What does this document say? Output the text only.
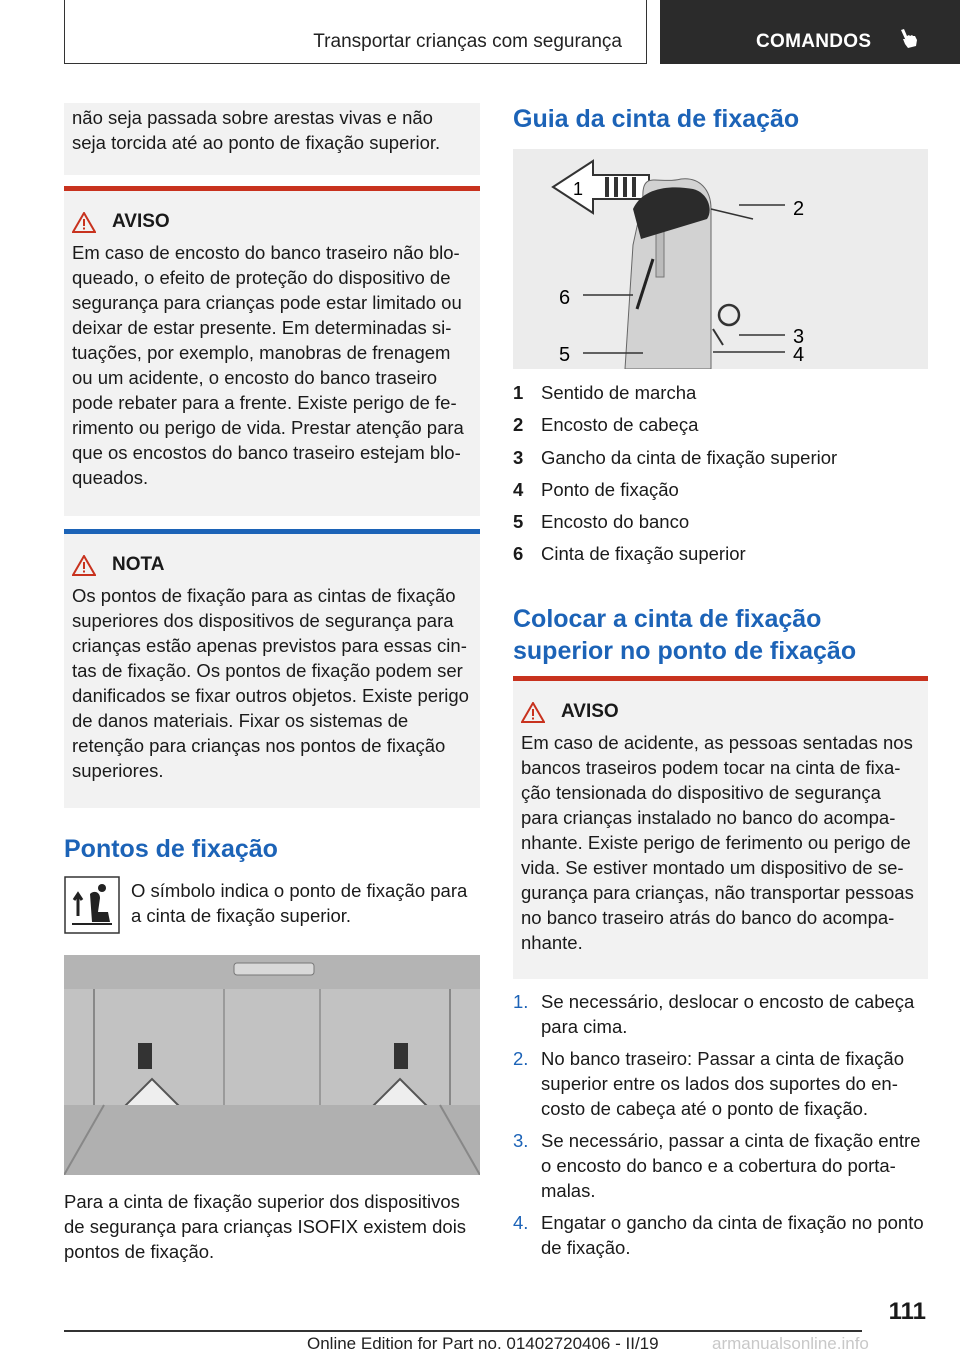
Transportar crianças com segurança	COMANDOS
não seja passada sobre arestas vivas e não seja torcida até ao ponto de fixação superior.
AVISO
Em caso de encosto do banco traseiro não bloqueado, o efeito de proteção do dispositivo de segurança para crianças pode estar limitado ou deixar de estar presente. Em determinadas situações, por exemplo, manobras de frenagem ou um acidente, o encosto do banco traseiro pode rebater para a frente. Existe perigo de ferimento ou perigo de vida. Prestar atenção para que os encostos do banco traseiro estejam bloqueados.
NOTA
Os pontos de fixação para as cintas de fixação superiores dos dispositivos de segurança para crianças estão apenas previstos para essas cintas de fixação. Os pontos de fixação podem ser danificados se fixar outros objetos. Existe perigo de danos materiais. Fixar os sistemas de retenção para crianças nos pontos de fixação superiores.
Pontos de fixação
O símbolo indica o ponto de fixação para a cinta de fixação superior.
Para a cinta de fixação superior dos dispositivos de segurança para crianças ISOFIX existem dois pontos de fixação.
Guia da cinta de fixação
1
2
3
4
5
6
1 Sentido de marcha
2 Encosto de cabeça
3 Gancho da cinta de fixação superior
4 Ponto de fixação
5 Encosto do banco
6 Cinta de fixação superior
Colocar a cinta de fixação superior no ponto de fixação
AVISO
Em caso de acidente, as pessoas sentadas nos bancos traseiros podem tocar na cinta de fixação tensionada do dispositivo de segurança para crianças instalado no banco do acompanhante. Existe perigo de ferimento ou perigo de vida. Se estiver montado um dispositivo de segurança para crianças, não transportar pessoas no banco traseiro atrás do banco do acompanhante.
1. Se necessário, deslocar o encosto de cabeça para cima.
2. No banco traseiro: Passar a cinta de fixação superior entre os lados dos suportes do encosto de cabeça até o ponto de fixação.
3. Se necessário, passar a cinta de fixação entre o encosto do banco e a cobertura do porta-malas.
4. Engatar o gancho da cinta de fixação no ponto de fixação.
111
Online Edition for Part no. 01402720406 - II/19	armanualsonline.info
